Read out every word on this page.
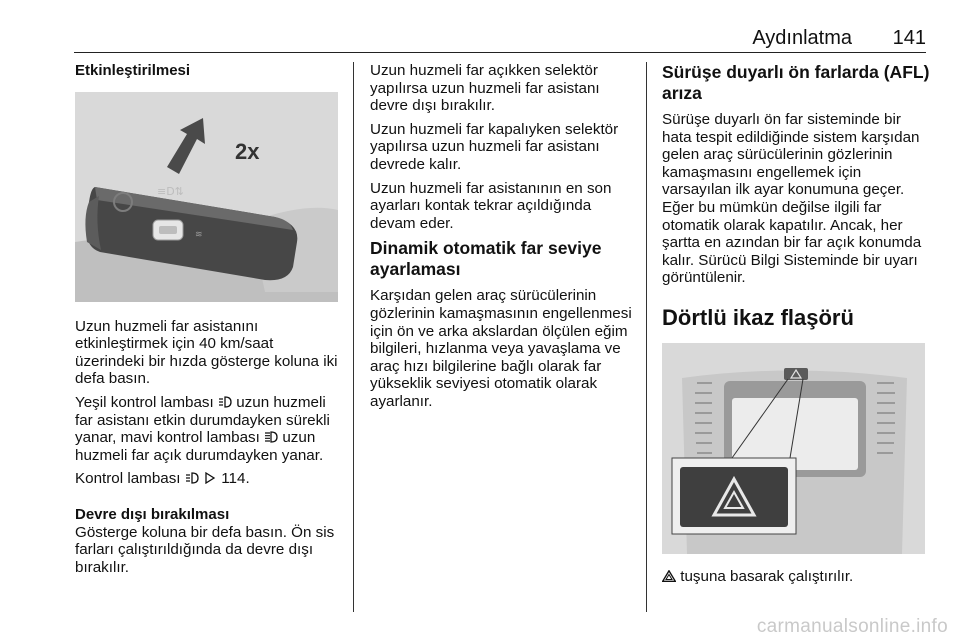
Aydınlatma 141
Etkinleştirilmesi
≡D⇅
≋
2x

Uzun huzmeli far asistanını etkinleştirmek için 40 km/saat üzerindeki bir hızda gösterge koluna iki defa basın.

Yeşil kontrol lambası uzun huzmeli far asistanı etkin durumdayken sürekli yanar, mavi kontrol lambası uzun huzmeli far açık durumdayken yanar.

Kontrol lambası	114.

Devre dışı bırakılması

Gösterge koluna bir defa basın. Ön sis farları çalıştırıldığında da devre dışı bırakılır.

Uzun huzmeli far açıkken selektör yapılırsa uzun huzmeli far asistanı devre dışı bırakılır.

Uzun huzmeli far kapalıyken selektör yapılırsa uzun huzmeli far asistanı devrede kalır.

Uzun huzmeli far asistanının en son ayarları kontak tekrar açıldığında devam eder.

Dinamik otomatik far seviye ayarlaması

Karşıdan gelen araç sürücülerinin gözlerinin kamaşmasının engellenmesi için ön ve arka akslardan ölçülen eğim bilgileri, hızlanma veya yavaşlama ve araç hızı bilgilerine bağlı olarak far yükseklik seviyesi otomatik olarak ayarlanır.

Sürüşe duyarlı ön farlarda (AFL) arıza

Sürüşe duyarlı ön far sisteminde bir hata tespit edildiğinde sistem karşıdan gelen araç sürücülerinin gözlerinin kamaşmasını engellemek için varsayılan ilk ayar konumuna geçer. Eğer bu mümkün değilse ilgili far otomatik olarak kapatılır. Ancak, her şartta en azından bir far açık konumda kalır. Sürücü Bilgi Sisteminde bir uyarı görüntülenir.

Dörtlü ikaz flaşörü

tuşuna basarak çalıştırılır.

carmanualsonline.info
